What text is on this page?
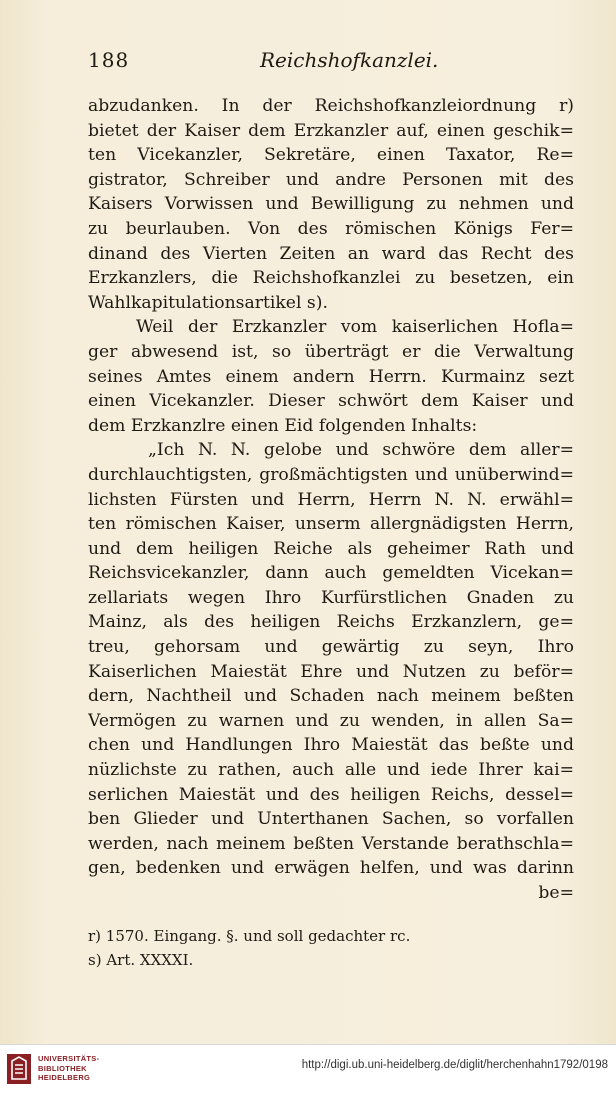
188	Reichshofkanzlei.
abzudanken. In der Reichshofkanzleiordnung r)
bietet der Kaiser dem Erzkanzler auf, einen geschik=
ten Vicekanzler, Sekretäre, einen Taxator, Re=
gistrator, Schreiber und andre Personen mit des
Kaisers Vorwissen und Bewilligung zu nehmen und
zu beurlauben. Von des römischen Königs Fer=
dinand des Vierten Zeiten an ward das Recht des
Erzkanzlers, die Reichshofkanzlei zu besetzen, ein
Wahlkapitulationsartikel s).
Weil der Erzkanzler vom kaiserlichen Hofla=
ger abwesend ist, so überträgt er die Verwaltung
seines Amtes einem andern Herrn. Kurmainz sezt
einen Vicekanzler. Dieser schwört dem Kaiser und
dem Erzkanzlre einen Eid folgenden Inhalts:
„Ich N. N. gelobe und schwöre dem aller=
durchlauchtigsten, großmächtigsten und unüberwind=
lichsten Fürsten und Herrn, Herrn N. N. erwähl=
ten römischen Kaiser, unserm allergnädigsten Herrn,
und dem heiligen Reiche als geheimer Rath und
Reichsvicekanzler, dann auch gemeldten Vicekan=
zellariats wegen Ihro Kurfürstlichen Gnaden zu
Mainz, als des heiligen Reichs Erzkanzlern, ge=
treu, gehorsam und gewärtig zu seyn, Ihro
Kaiserlichen Maiestät Ehre und Nutzen zu beför=
dern, Nachtheil und Schaden nach meinem beßten
Vermögen zu warnen und zu wenden, in allen Sa=
chen und Handlungen Ihro Maiestät das beßte und
nüzlichste zu rathen, auch alle und iede Ihrer kai=
serlichen Maiestät und des heiligen Reichs, dessel=
ben Glieder und Unterthanen Sachen, so vorfallen
werden, nach meinem beßten Verstande berathschla=
gen, bedenken und erwägen helfen, und was darinn
be=
r) 1570. Eingang. §. und soll gedachter rc.
s) Art. XXXXI.
UNIVERSITÄTS-
BIBLIOTHEK
HEIDELBERG
http://digi.ub.uni-heidelberg.de/diglit/herchenhahn1792/0198
